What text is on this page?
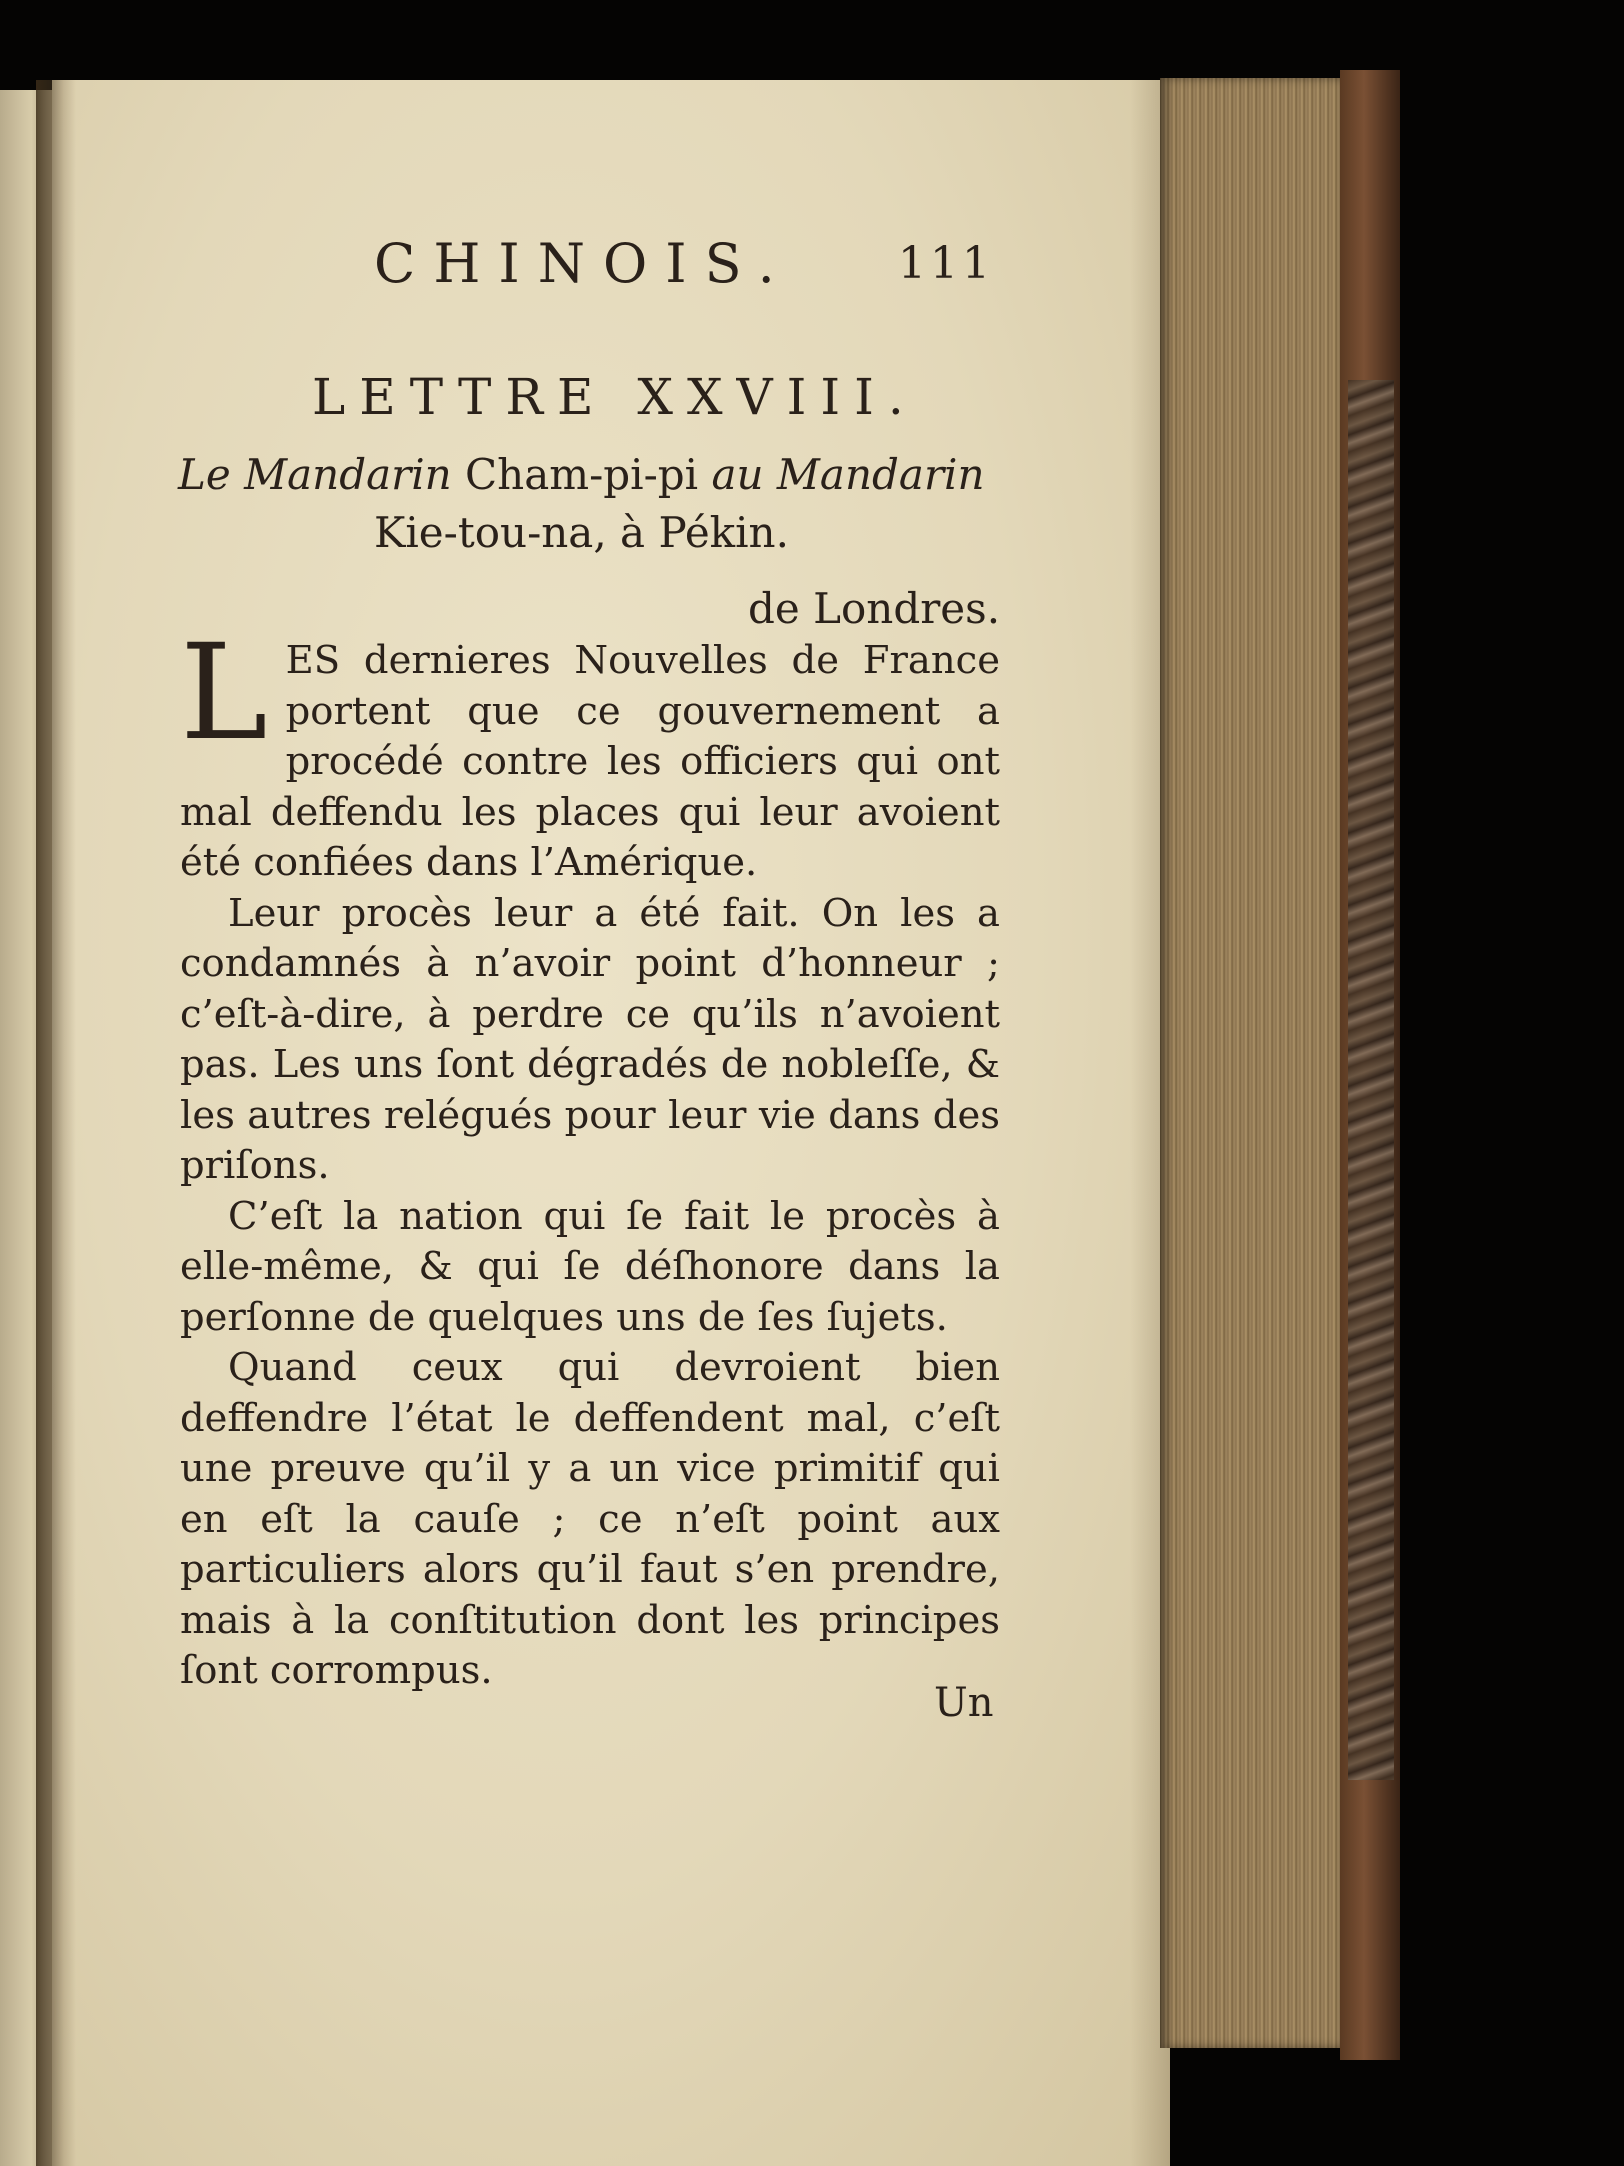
CHINOIS. 111
LETTRE XXVIII.
Le Mandarin Cham-pi-pi au Mandarin
Kie-tou-na, à Pékin.
de Londres.

L ES dernieres Nouvelles de France portent que ce gouvernement a procédé contre les officiers qui ont mal deffendu les places qui leur avoient été confiées dans l’Amérique.

Leur procès leur a été fait. On les a condamnés à n’avoir point d’honneur ; c’eſt-à-dire, à perdre ce qu’ils n’avoient pas. Les uns ſont dégradés de nobleſſe, & les autres relégués pour leur vie dans des priſons.

C’eſt la nation qui ſe fait le procès à elle-même, & qui ſe déſhonore dans la perſonne de quelques uns de ſes ſujets.

Quand ceux qui devroient bien deffendre l’état le deffendent mal, c’eſt une preuve qu’il y a un vice primitif qui en eſt la cauſe ; ce n’eſt point aux particuliers alors qu’il faut s’en prendre, mais à la conſtitution dont les principes ſont corrompus.

Un
